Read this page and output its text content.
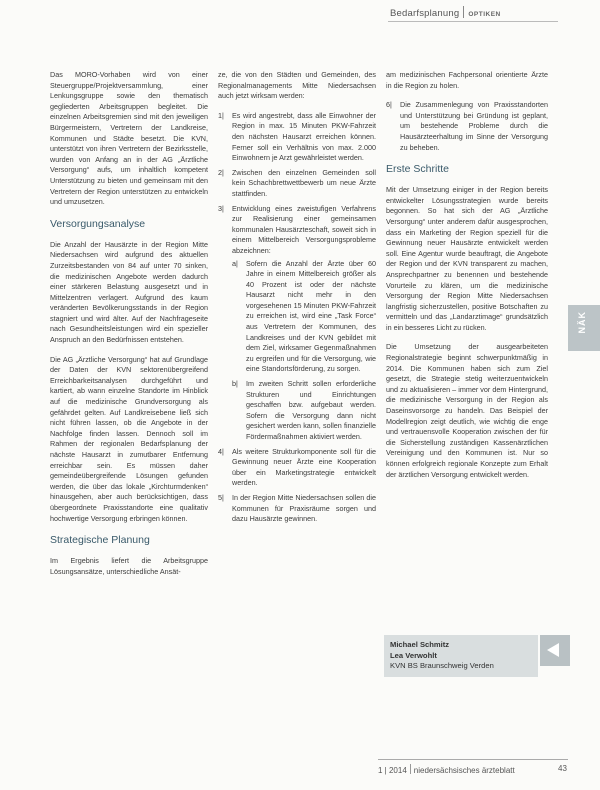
Bedarfsplanung OPTIKEN
NÄK

Das MORO-Vorhaben wird von einer Steuergruppe/Projektversammlung, einer Lenkungsgruppe sowie den thematisch gegliederten Arbeitsgruppen begleitet. Die einzelnen Arbeitsgremien sind mit den jeweiligen Bürgermeistern, Vertretern der Landkreise, Kommunen und Städte besetzt. Die KVN, unterstützt von ihren Vertretern der Bezirksstelle, wurden von Anfang an in der AG „Ärztliche Versorgung“ aufs, um inhaltlich kompetent Unterstützung zu bieten und gemeinsam mit den Vertretern der Region unterstützen zu entwickeln und umzusetzen.

Versorgungsanalyse

Die Anzahl der Hausärzte in der Region Mitte Niedersachsen wird aufgrund des aktuellen Zurzeitsbestanden von 84 auf unter 70 sinken, die medizinischen Angebote werden dadurch einer stärkeren Belastung ausgesetzt und in Mittelzentren verlagert. Aufgrund des kaum veränderten Bevölkerungsstands in der Region stagniert und wird älter. Auf der Nachfrageseite nach Gesundheitsleistungen wird ein spezieller Anspruch an den Bedürfnissen entstehen.

Die AG „Ärztliche Versorgung“ hat auf Grundlage der Daten der KVN sektorenübergreifend Erreichbarkeitsanalysen durchgeführt und kartiert, ab wann einzelne Standorte im Hinblick auf die medizinische Grundversorgung als gefährdet gelten. Auf Landkreisebene ließ sich nicht führen lassen, ob die Angebote in der Nachfolge finden lassen. Dennoch soll im Rahmen der regionalen Bedarfsplanung der nächste Hausarzt in zumutbarer Entfernung erreichbar sein. Es müssen daher gemeindeübergreifende Lösungen gefunden werden, die über das lokale „Kirchturmdenken“ hinausgehen, aber auch berücksichtigen, dass übergeordnete Praxisstandorte eine qualitativ hochwertige Versorgung erbringen können.

Strategische Planung

Im Ergebnis liefert die Arbeitsgruppe Lösungsansätze, unterschiedliche Ansät-

ze, die von den Städten und Gemeinden, des Regionalmanagements Mitte Niedersachsen auch jetzt wirksam werden:

1| Es wird angestrebt, dass alle Einwohner der Region in max. 15 Minuten PKW-Fahrzeit den nächsten Hausarzt erreichen können. Ferner soll ein Verhältnis von max. 2.000 Einwohnern je Arzt gewährleistet werden.
2| Zwischen den einzelnen Gemeinden soll kein Schachbrettwettbewerb um neue Ärzte stattfinden.
3| Entwicklung eines zweistufigen Verfahrens zur Realisierung einer gemeinsamen kommunalen Hausärzteschaft, soweit sich in einem Mittelbereich Versorgungsprobleme abzeichnen:
a| Sofern die Anzahl der Ärzte über 60 Jahre in einem Mittelbereich größer als 40 Prozent ist oder der nächste Hausarzt nicht mehr in den vorgesehenen 15 Minuten PKW-Fahrzeit zu erreichen ist, wird eine „Task Force“ aus Vertretern der Kommunen, des Landkreises und der KVN gebildet mit dem Ziel, wirksamer Gegenmaßnahmen zu ergreifen und für die Versorgung, wie eine Standortsförderung, zu sorgen.
b| Im zweiten Schritt sollen erforderliche Strukturen und Einrichtungen geschaffen bzw. aufgebaut werden. Sofern die Versorgung dann nicht gesichert werden kann, sollen finanzielle Fördermaßnahmen aktiviert werden.
4| Als weitere Strukturkomponente soll für die Gewinnung neuer Ärzte eine Kooperation über ein Marketingstrategie entwickelt werden.
5| In der Region Mitte Niedersachsen sollen die Kommunen für Praxisräume sorgen und dazu Hausärzte gewinnen.

am medizinischen Fachpersonal orientierte Ärzte in die Region zu holen.

6| Die Zusammenlegung von Praxisstandorten und Unterstützung bei Gründung ist geplant, um bestehende Probleme durch die Hausärzteerhaltung im Sinne der Versorgung zu beheben.
Erste Schritte

Mit der Umsetzung einiger in der Region bereits entwickelter Lösungsstrategien wurde bereits begonnen. So hat sich der AG „Ärztliche Versorgung“ unter anderem dafür ausgesprochen, dass ein Marketing der Region speziell für die Gewinnung neuer Hausärzte entwickelt werden soll. Eine Agentur wurde beauftragt, die Angebote der Region und der KVN transparent zu machen, Ansprechpartner zu benennen und bestehende Vorurteile zu klären, um die medizinische Versorgung der Region Mitte Niedersachsen langfristig sicherzustellen, positive Botschaften zu vermitteln und das „Landarztimage“ grundsätzlich in ein besseres Licht zu rücken.

Die Umsetzung der ausgearbeiteten Regionalstrategie beginnt schwerpunktmäßig in 2014. Die Kommunen haben sich zum Ziel gesetzt, die Strategie stetig weiterzuentwickeln und zu aktualisieren – immer vor dem Hintergrund, die medizinische Versorgung in der Region als Daseinsvorsorge zu handeln. Das Beispiel der Modellregion zeigt deutlich, wie wichtig die enge und vertrauensvolle Kooperation zwischen der für die Sicherstellung zuständigen Kassenärztlichen Vereinigung und den Kommunen ist. Nur so können erfolgreich regionale Konzepte zum Erhalt der ärztlichen Versorgung entwickelt werden.

Michael Schmitz
Lea Verwohlt
KVN BS Braunschweig Verden
1 | 2014 niedersächsisches ärzteblatt	43
